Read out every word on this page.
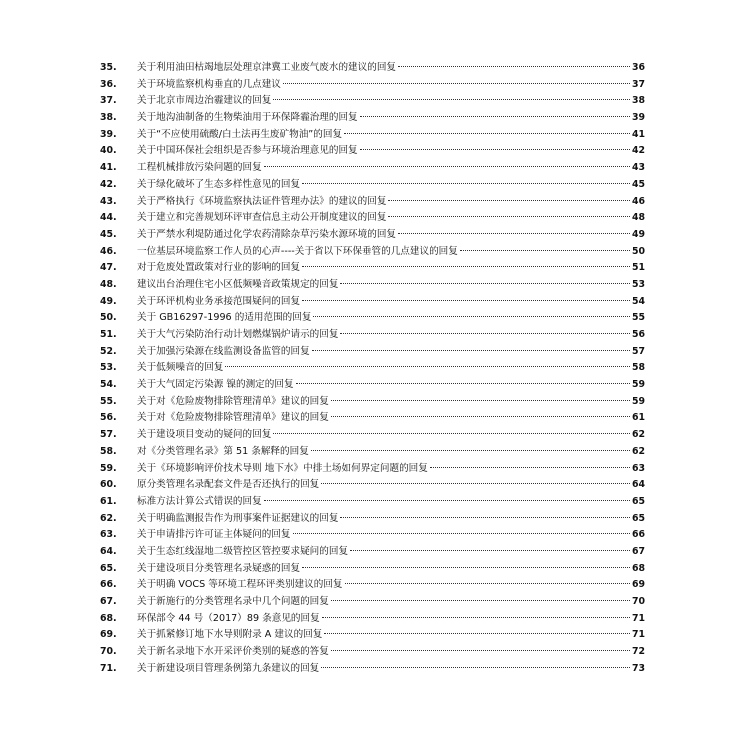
35.	关于利用油田枯竭地层处理京津冀工业废气废水的建议的回复	36
36.	关于环境监察机构垂直的几点建议	37
37.	关于北京市周边治霾建议的回复	38
38.	关于地沟油制备的生物柴油用于环保降霾治理的回复	39
39.	关于“不应使用硫酸/白土法再生废矿物油”的回复	41
40.	关于中国环保社会组织是否参与环境治理意见的回复	42
41.	工程机械排放污染问题的回复	43
42.	关于绿化破坏了生态多样性意见的回复	45
43.	关于严格执行《环境监察执法证件管理办法》的建议的回复	46
44.	关于建立和完善规划环评审查信息主动公开制度建议的回复	48
45.	关于严禁水利堤防通过化学农药清除杂草污染水源环境的回复	49
46.	一位基层环境监察工作人员的心声----关于省以下环保垂管的几点建议的回复	50
47.	对于危废处置政策对行业的影响的回复	51
48.	建议出台治理住宅小区低频噪音政策规定的回复	53
49.	关于环评机构业务承接范围疑问的回复	54
50.	关于 GB16297-1996 的适用范围的回复	55
51.	关于大气污染防治行动计划燃煤锅炉请示的回复	56
52.	关于加强污染源在线监测设备监管的回复	57
53.	关于低频噪音的回复	58
54.	关于大气固定污染源 镍的测定的回复	59
55.	关于对《危险废物排除管理清单》建议的回复	59
56.	关于对《危险废物排除管理清单》建议的回复	61
57.	关于建设项目变动的疑问的回复	62
58.	对《分类管理名录》第 51 条解释的回复	62
59.	关于《环境影响评价技术导则 地下水》中排土场如何界定问题的回复	63
60.	原分类管理名录配套文件是否还执行的回复	64
61.	标准方法计算公式错误的回复	65
62.	关于明确监测报告作为刑事案件证据建议的回复	65
63.	关于申请排污许可证主体疑问的回复	66
64.	关于生态红线湿地二级管控区管控要求疑问的回复	67
65.	关于建设项目分类管理名录疑惑的回复	68
66.	关于明确 VOCS 等环境工程环评类别建议的回复	69
67.	关于新施行的分类管理名录中几个问题的回复	70
68.	环保部令 44 号（2017）89 条意见的回复	71
69.	关于抓紧修订地下水导则附录 A 建议的回复	71
70.	关于新名录地下水开采评价类别的疑惑的答复	72
71.	关于新建设项目管理条例第九条建议的回复	73
